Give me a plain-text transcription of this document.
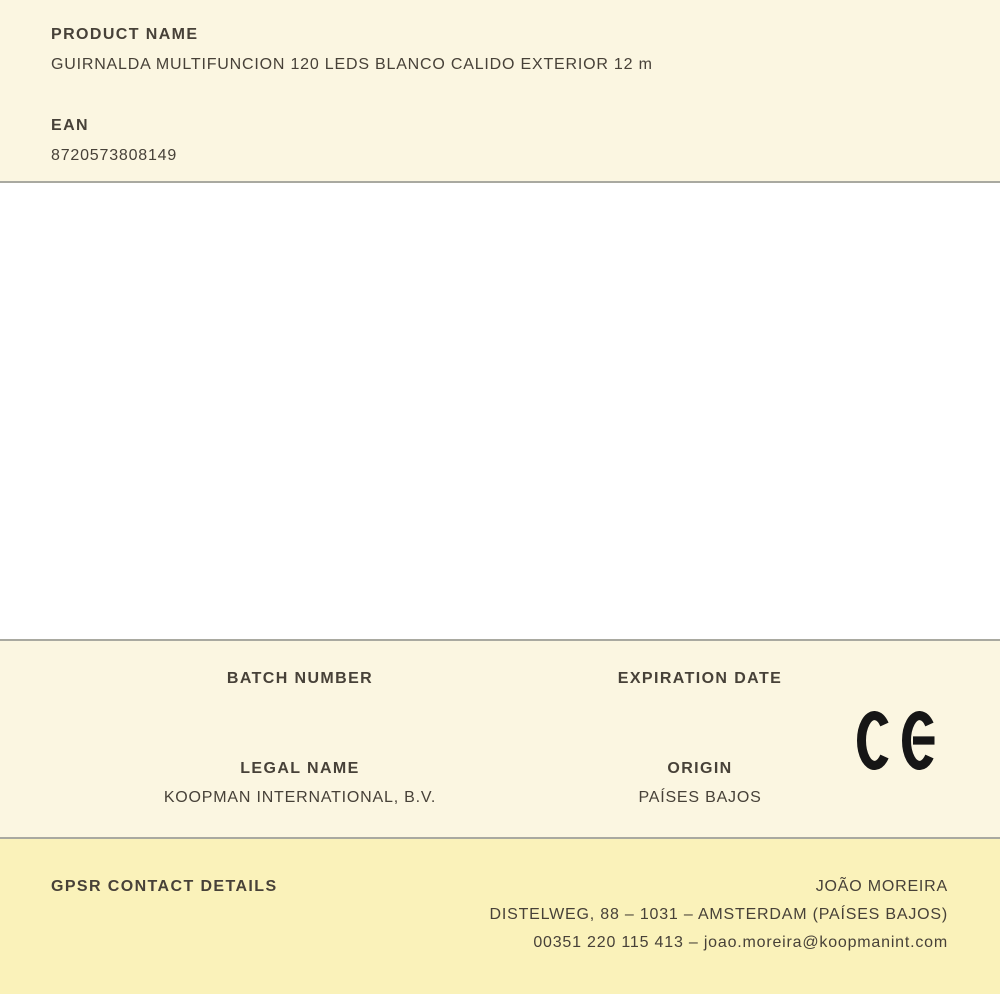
PRODUCT NAME
GUIRNALDA MULTIFUNCION 120 LEDS BLANCO CALIDO EXTERIOR 12 m
EAN
8720573808149
BATCH NUMBER	EXPIRATION DATE
LEGAL NAME
KOOPMAN INTERNATIONAL, B.V.
ORIGIN
PAÍSES BAJOS
GPSR CONTACT DETAILS	JOÃO MOREIRA
DISTELWEG, 88 – 1031 – AMSTERDAM (PAÍSES BAJOS)
00351 220 115 413 – joao.moreira@koopmanint.com
